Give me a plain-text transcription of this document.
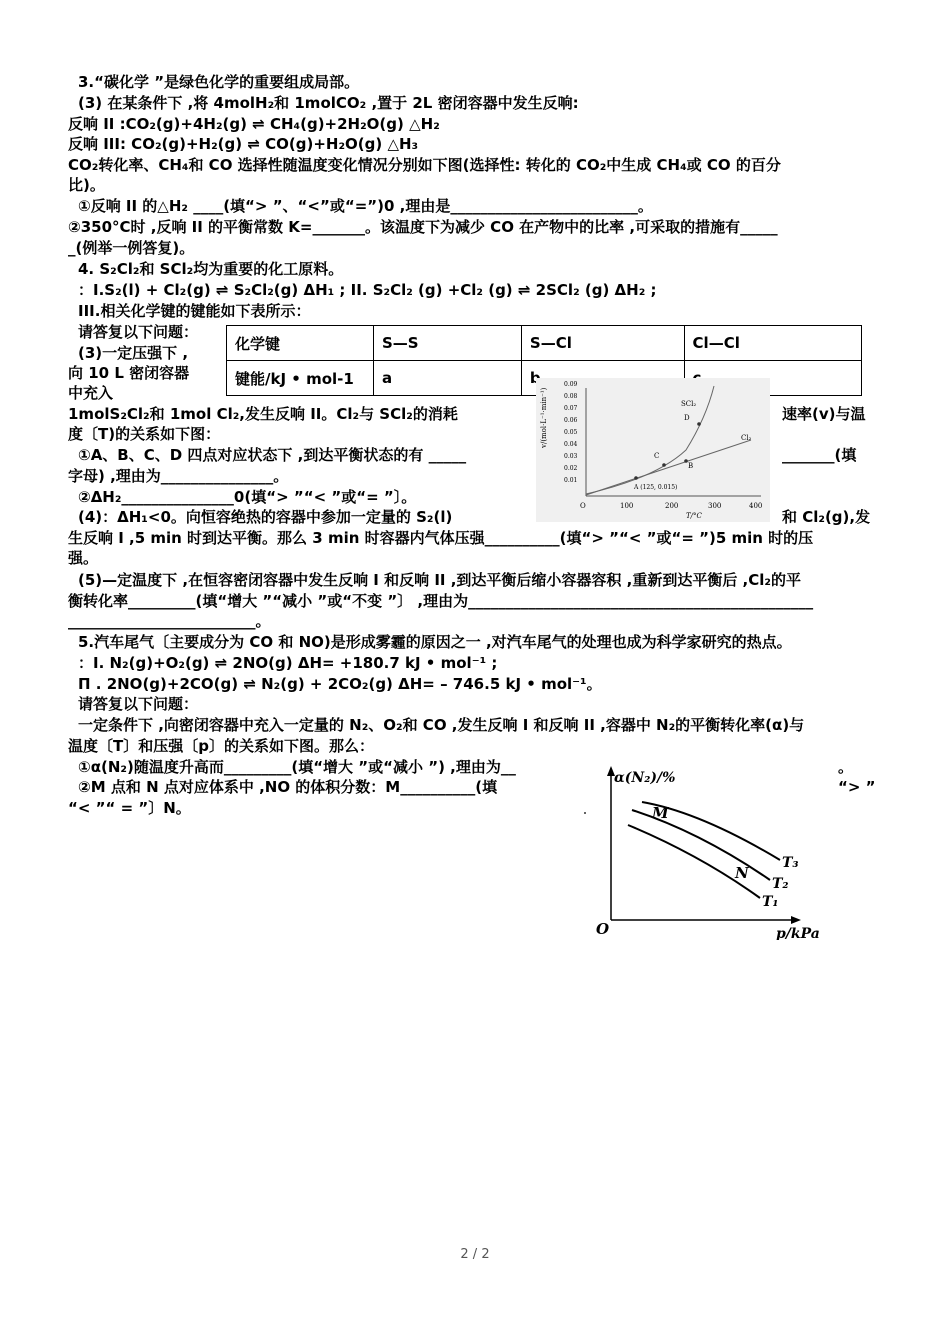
3.“碳化学 ”是绿色化学的重要组成局部。
(3) 在某条件下 ,将 4molH₂和 1molCO₂ ,置于 2L 密闭容器中发生反响:
反响 II :CO₂(g)+4H₂(g) ⇌ CH₄(g)+2H₂O(g) △H₂
反响 III: CO₂(g)+H₂(g) ⇌ CO(g)+H₂O(g) △H₃
CO₂转化率、CH₄和 CO 选择性随温度变化情况分别如下图(选择性: 转化的 CO₂中生成 CH₄或 CO 的百分
比)。
①反响 II 的△H₂ ____(填“> ”、“<”或“=”)0 ,理由是_________________________。
②350°C时 ,反响 II 的平衡常数 K=_______。该温度下为减少 CO 在产物中的比率 ,可采取的措施有_____
_(例举一例答复)。
4. S₂Cl₂和 SCl₂均为重要的化工原料。
：I.S₂(l) + Cl₂(g) ⇌ S₂Cl₂(g) ΔH₁ ; II. S₂Cl₂ (g) +Cl₂ (g) ⇌ 2SCl₂ (g) ΔH₂ ;
III.相关化学键的键能如下表所示：
化学键	S—S	S—Cl	Cl—Cl
键能/kJ • mol-1	a	b	c
请答复以下问题：
(3)一定压强下 ,
向 10 L 密闭容器
中充入
1molS₂Cl₂和 1mol Cl₂,发生反响 II。Cl₂与 SCl₂的消耗	速率(v)与温
度〔T)的关系如下图：
①A、B、C、D 四点对应状态下 ,到达平衡状态的有 _____	_______(填
字母) ,理由为_______________。
②ΔH₂_______________0(填“> ”“< ”或“= ”〕。
(4)：ΔH₁<0。向恒容绝热的容器中参加一定量的 S₂(l)	和 Cl₂(g),发
生反响 I ,5 min 时到达平衡。那么 3 min 时容器内气体压强__________(填“> ”“< ”或“= ”)5 min 时的压
强。
(5)—定温度下 ,在恒容密闭容器中发生反响 I 和反响 II ,到达平衡后缩小容器容积 ,重新到达平衡后 ,Cl₂的平
衡转化率_________(填“增大 ”“减小 ”或“不变 ”〕 ,理由为______________________________________________
_________________________。
v/(mol·L⁻¹·min⁻¹)
0.09
0.08
0.07
0.06
0.05
0.04
0.03
0.02
0.01
O	100	200	300	400
T/°C
SCl₂
Cl₂
A (125, 0.015)
B
C
D
5.汽车尾气〔主要成分为 CO 和 NO)是形成雾霾的原因之一 ,对汽车尾气的处理也成为科学家研究的热点。
：I. N₂(g)+O₂(g) ⇌ 2NO(g) ΔH= +180.7 kJ • mol⁻¹ ;
Π . 2NO(g)+2CO(g) ⇌ N₂(g) + 2CO₂(g) ΔH= – 746.5 kJ • mol⁻¹。
请答复以下问题：
一定条件下 ,向密闭容器中充入一定量的 N₂、O₂和 CO ,发生反响 I 和反响 II ,容器中 N₂的平衡转化率(α)与
温度〔T〕和压强〔p〕的关系如下图。那么：
①α(N₂)随温度升高而_________(填“增大 ”或“减小 ”) ,理由为__	。
②M 点和 N 点对应体系中 ,NO 的体积分数：M__________(填	“> ”
“< ”“ = ”〕N。
α(N₂)/%
p/kPa
O
T₃
T₂
T₁
M
N
2 / 2
